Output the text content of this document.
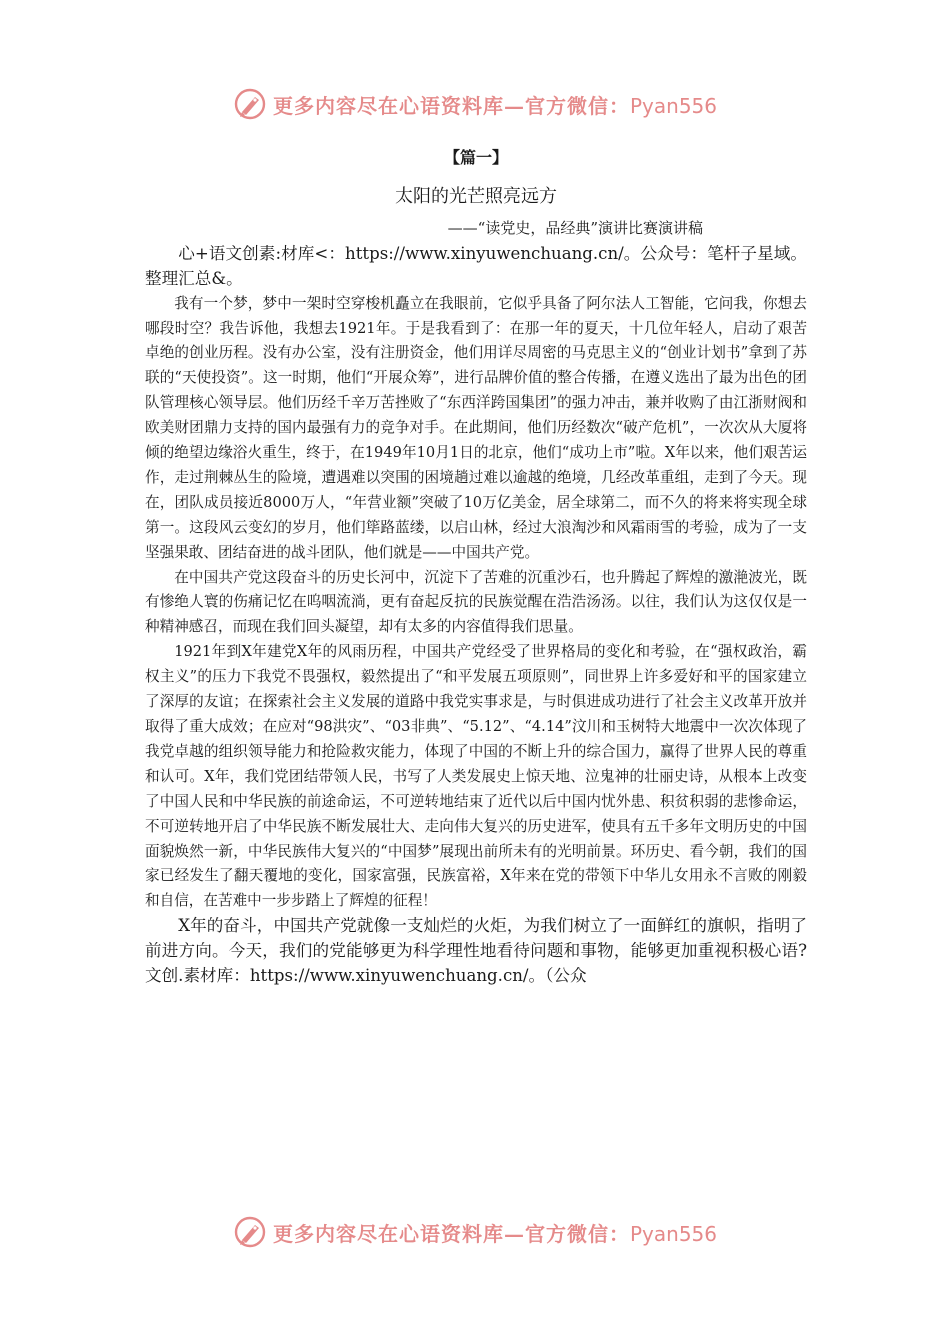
更多内容尽在心语资料库—官方微信：Pyan556
【篇一】
太阳的光芒照亮远方
——“读党史，品经典”演讲比赛演讲稿

心+语文创素:材库<：https://www.xinyuwenchuang.cn/。公众号：笔杆子星域。整理汇总&。

我有一个梦，梦中一架时空穿梭机矗立在我眼前，它似乎具备了阿尔法人工智能，它问我，你想去哪段时空？我告诉他，我想去1921年。于是我看到了：在那一年的夏天，十几位年轻人，启动了艰苦卓绝的创业历程。没有办公室，没有注册资金，他们用详尽周密的马克思主义的“创业计划书”拿到了苏联的“天使投资”。这一时期，他们“开展众筹”，进行品牌价值的整合传播，在遵义选出了最为出色的团队管理核心领导层。他们历经千辛万苦挫败了“东西洋跨国集团”的强力冲击，兼并收购了由江浙财阀和欧美财团鼎力支持的国内最强有力的竞争对手。在此期间，他们历经数次“破产危机”，一次次从大厦将倾的绝望边缘浴火重生，终于，在1949年10月1日的北京，他们“成功上市”啦。X年以来，他们艰苦运作，走过荆棘丛生的险境，遭遇难以突围的困境趟过难以逾越的绝境，几经改革重组，走到了今天。现在，团队成员接近8000万人，“年营业额”突破了10万亿美金，居全球第二，而不久的将来将实现全球第一。这段风云变幻的岁月，他们筚路蓝缕，以启山林，经过大浪淘沙和风霜雨雪的考验，成为了一支坚强果敢、团结奋进的战斗团队，他们就是——中国共产党。

在中国共产党这段奋斗的历史长河中，沉淀下了苦难的沉重沙石，也升腾起了辉煌的激滟波光，既有惨绝人寰的伤痛记忆在呜咽流淌，更有奋起反抗的民族觉醒在浩浩汤汤。以往，我们认为这仅仅是一种精神感召，而现在我们回头凝望，却有太多的内容值得我们思量。

1921年到X年建党X年的风雨历程，中国共产党经受了世界格局的变化和考验，在“强权政治，霸权主义”的压力下我党不畏强权，毅然提出了“和平发展五项原则”，同世界上许多爱好和平的国家建立了深厚的友谊；在探索社会主义发展的道路中我党实事求是，与时俱进成功进行了社会主义改革开放并取得了重大成效；在应对“98洪灾”、“03非典”、“5.12”、“4.14”汶川和玉树特大地震中一次次体现了我党卓越的组织领导能力和抢险救灾能力，体现了中国的不断上升的综合国力，赢得了世界人民的尊重和认可。X年，我们党团结带领人民，书写了人类发展史上惊天地、泣鬼神的壮丽史诗，从根本上改变了中国人民和中华民族的前途命运，不可逆转地结束了近代以后中国内忧外患、积贫积弱的悲惨命运，不可逆转地开启了中华民族不断发展壮大、走向伟大复兴的历史进军，使具有五千多年文明历史的中国面貌焕然一新，中华民族伟大复兴的“中国梦”展现出前所未有的光明前景。环历史、看今朝，我们的国家已经发生了翻天覆地的变化，国家富强，民族富裕，X年来在党的带领下中华儿女用永不言败的刚毅和自信，在苦难中一步步踏上了辉煌的征程！

X年的奋斗，中国共产党就像一支灿烂的火炬，为我们树立了一面鲜红的旗帜，指明了前进方向。今天，我们的党能够更为科学理性地看待问题和事物，能够更加重视积极心语?文创.素材库：https://www.xinyuwenchuang.cn/。（公众

更多内容尽在心语资料库—官方微信：Pyan556
